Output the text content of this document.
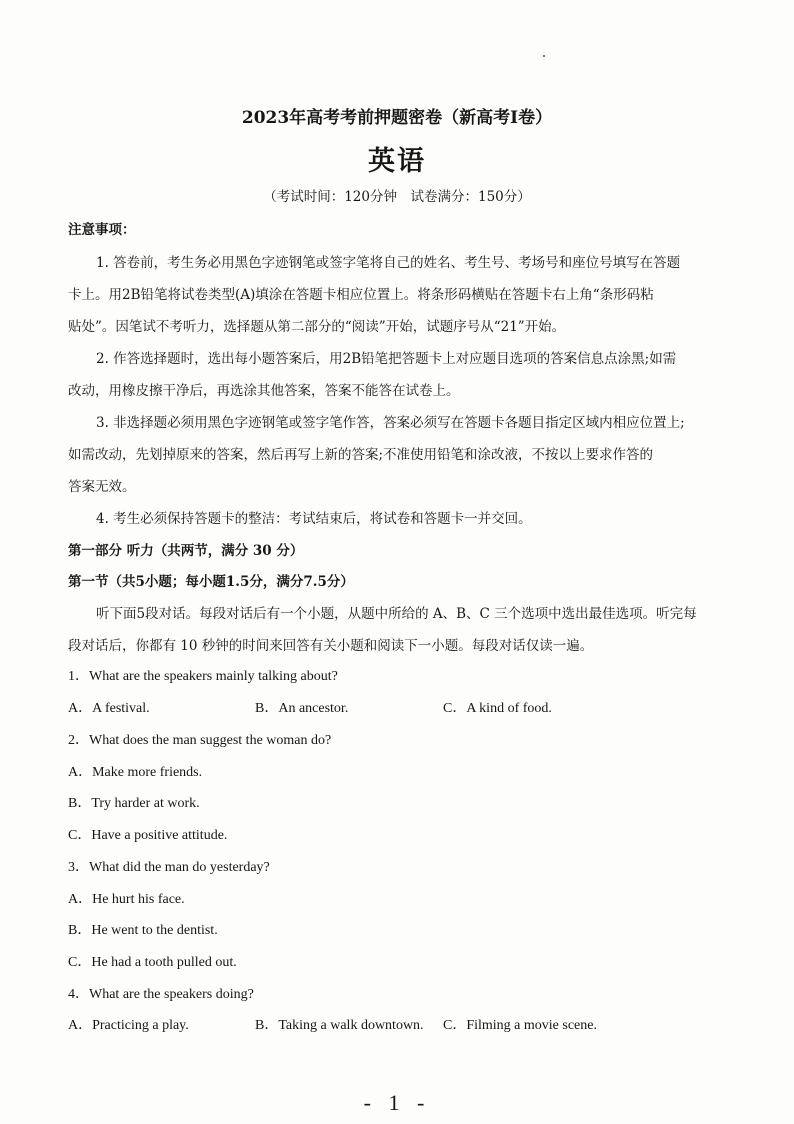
2023年高考考前押题密卷（新高考I卷）
英语
（考试时间：120分钟　试卷满分：150分）
注意事项：
1. 答卷前，考生务必用黑色字迹钢笔或签字笔将自己的姓名、考生号、考场号和座位号填写在答题
卡上。用2B铅笔将试卷类型(A)填涂在答题卡相应位置上。将条形码横贴在答题卡右上角“条形码粘
贴处”。因笔试不考听力，选择题从第二部分的“阅读”开始，试题序号从“21”开始。
2. 作答选择题时，选出每小题答案后，用2B铅笔把答题卡上对应题目选项的答案信息点涂黑;如需
改动，用橡皮擦干净后，再选涂其他答案，答案不能答在试卷上。
3. 非选择题必须用黑色字迹钢笔或签字笔作答，答案必须写在答题卡各题目指定区域内相应位置上;
如需改动，先划掉原来的答案，然后再写上新的答案;不准使用铅笔和涂改液，不按以上要求作答的
答案无效。
4. 考生必须保持答题卡的整洁：考试结束后，将试卷和答题卡一并交回。
第一部分 听力（共两节，满分 30 分）
第一节（共5小题；每小题1.5分，满分7.5分）
听下面5段对话。每段对话后有一个小题，从题中所给的 A、B、C 三个选项中选出最佳选项。听完每
段对话后，你都有 10 秒钟的时间来回答有关小题和阅读下一小题。每段对话仅读一遍。
1．What are the speakers mainly talking about?
A．A festival.	B．An ancestor.	C．A kind of food.
2．What does the man suggest the woman do?
A．Make more friends.
B．Try harder at work.
C．Have a positive attitude.
3．What did the man do yesterday?
A．He hurt his face.
B．He went to the dentist.
C．He had a tooth pulled out.
4．What are the speakers doing?
A．Practicing a play.	B．Taking a walk downtown. C．Filming a movie scene.
- 1 -
